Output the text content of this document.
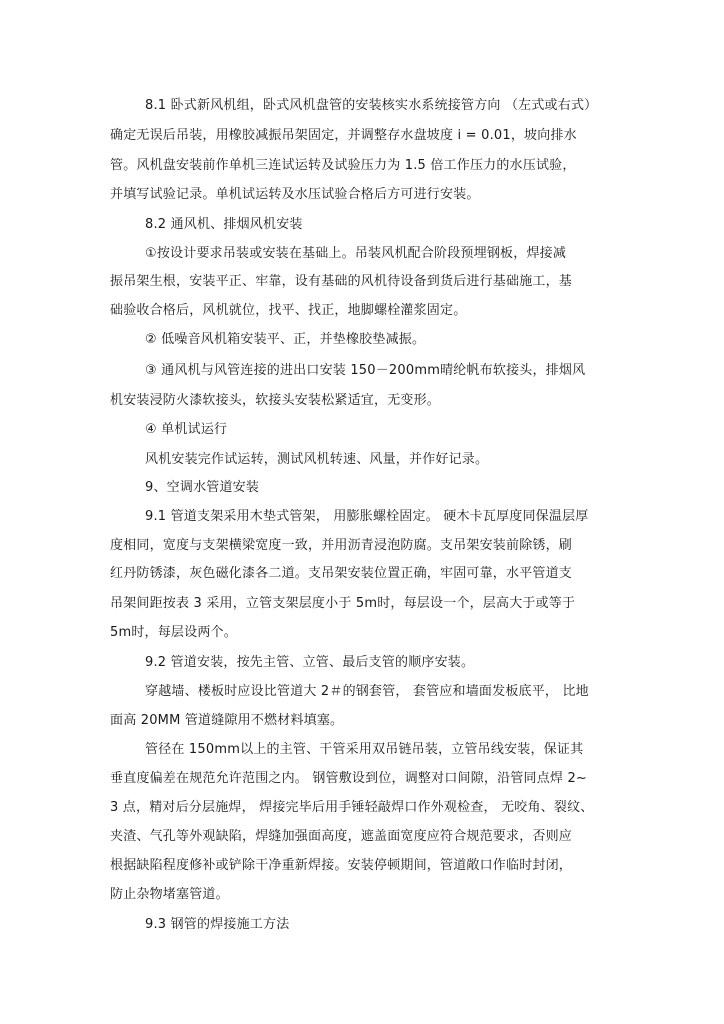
8.1 卧式新风机组，卧式风机盘管的安装核实水系统接管方向 （左式或右式）
确定无误后吊装，用橡胶减振吊架固定，并调整存水盘坡度 i = 0.01，坡向排水
管。风机盘安装前作单机三连试运转及试验压力为 1.5 倍工作压力的水压试验，
并填写试验记录。单机试运转及水压试验合格后方可进行安装。
8.2 通风机、排烟风机安装
①按设计要求吊装或安装在基础上。吊装风机配合阶段预埋钢板，焊接减
振吊架生根，安装平正、牢靠，设有基础的风机待设备到货后进行基础施工，基
础验收合格后，风机就位，找平、找正，地脚螺栓灌浆固定。
② 低噪音风机箱安装平、正，并垫橡胶垫减振。
③ 通风机与风管连接的进出口安装 150－200mm晴纶帆布软接头，排烟风
机安装浸防火漆软接头，软接头安装松紧适宜，无变形。
④ 单机试运行
风机安装完作试运转，测试风机转速、风量，并作好记录。
9、空调水管道安装
9.1 管道支架采用木垫式管架， 用膨胀螺栓固定。 硬木卡瓦厚度同保温层厚
度相同，宽度与支架横梁宽度一致，并用沥青浸泡防腐。支吊架安装前除锈，刷
红丹防锈漆，灰色磁化漆各二道。支吊架安装位置正确，牢固可靠，水平管道支
吊架间距按表 3 采用，立管支架层度小于 5m时，每层设一个，层高大于或等于
5m时，每层设两个。
9.2 管道安装，按先主管、立管、最后支管的顺序安装。
穿越墙、楼板时应设比管道大 2＃的钢套管， 套管应和墙面发板底平， 比地
面高 20MM 管道缝隙用不燃材料填塞。
管径在 150mm以上的主管、干管采用双吊链吊装，立管吊线安装，保证其
垂直度偏差在规范允许范围之内。 钢管敷设到位，调整对口间隙，沿管同点焊 2~
3 点，精对后分层施焊， 焊接完毕后用手锤轻敲焊口作外观检查， 无咬角、裂纹、
夹渣、气孔等外观缺陷，焊缝加强面高度，遮盖面宽度应符合规范要求，否则应
根据缺陷程度修补或铲除干净重新焊接。安装停顿期间，管道敞口作临时封闭，
防止杂物堵塞管道。
9.3 钢管的焊接施工方法
